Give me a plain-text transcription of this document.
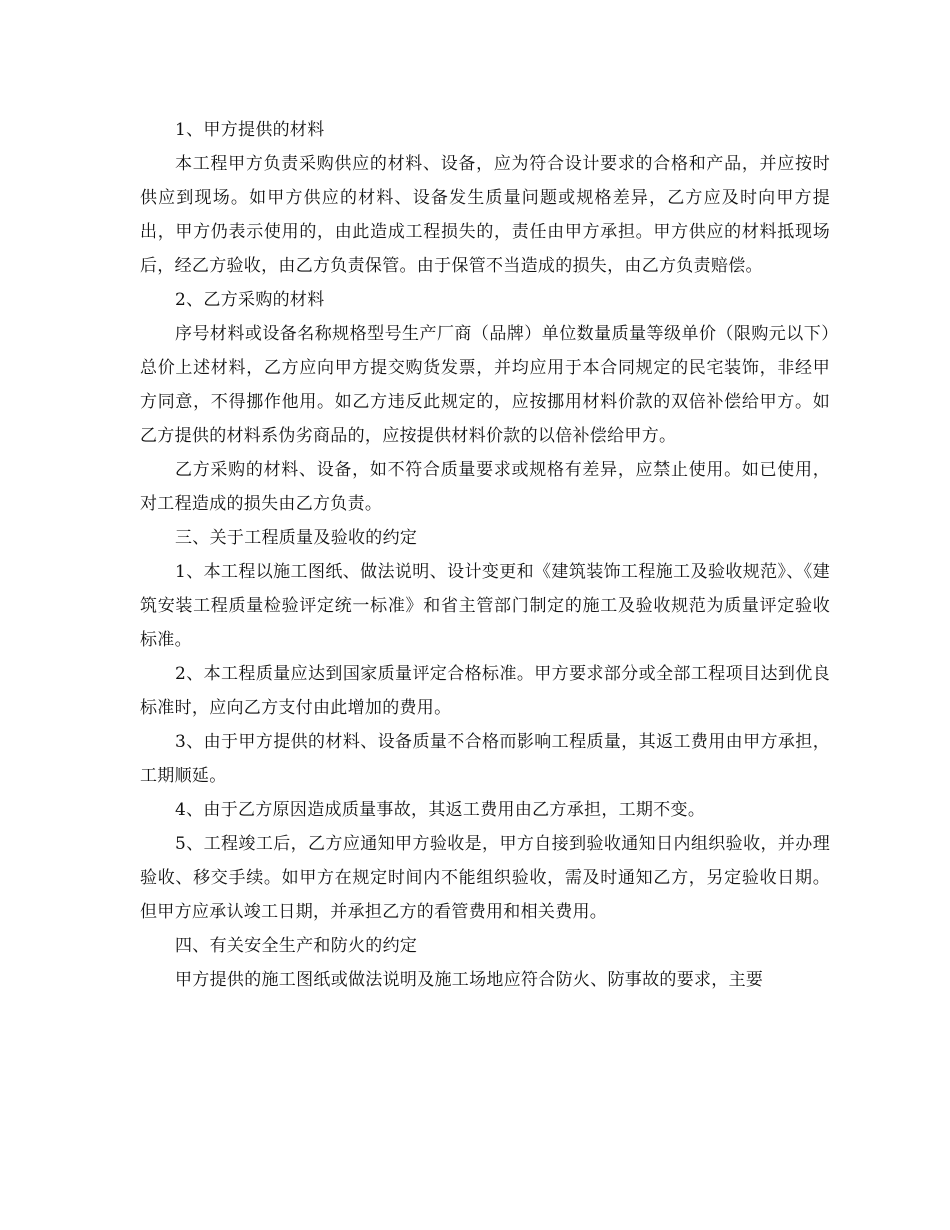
1、甲方提供的材料

本工程甲方负责采购供应的材料、设备，应为符合设计要求的合格和产品，并应按时供应到现场。如甲方供应的材料、设备发生质量问题或规格差异，乙方应及时向甲方提出，甲方仍表示使用的，由此造成工程损失的，责任由甲方承担。甲方供应的材料抵现场后，经乙方验收，由乙方负责保管。由于保管不当造成的损失，由乙方负责赔偿。

2、乙方采购的材料

序号材料或设备名称规格型号生产厂商（品牌）单位数量质量等级单价（限购元以下）总价上述材料，乙方应向甲方提交购货发票，并均应用于本合同规定的民宅装饰，非经甲方同意，不得挪作他用。如乙方违反此规定的，应按挪用材料价款的双倍补偿给甲方。如乙方提供的材料系伪劣商品的，应按提供材料价款的以倍补偿给甲方。

乙方采购的材料、设备，如不符合质量要求或规格有差异，应禁止使用。如已使用，对工程造成的损失由乙方负责。

三、关于工程质量及验收的约定

1、本工程以施工图纸、做法说明、设计变更和《建筑装饰工程施工及验收规范》、《建筑安装工程质量检验评定统一标准》和省主管部门制定的施工及验收规范为质量评定验收标准。

2、本工程质量应达到国家质量评定合格标准。甲方要求部分或全部工程项目达到优良标准时，应向乙方支付由此增加的费用。

3、由于甲方提供的材料、设备质量不合格而影响工程质量，其返工费用由甲方承担，工期顺延。

4、由于乙方原因造成质量事故，其返工费用由乙方承担，工期不变。

5、工程竣工后，乙方应通知甲方验收是，甲方自接到验收通知日内组织验收，并办理验收、移交手续。如甲方在规定时间内不能组织验收，需及时通知乙方，另定验收日期。但甲方应承认竣工日期，并承担乙方的看管费用和相关费用。

四、有关安全生产和防火的约定

甲方提供的施工图纸或做法说明及施工场地应符合防火、防事故的要求，主要
